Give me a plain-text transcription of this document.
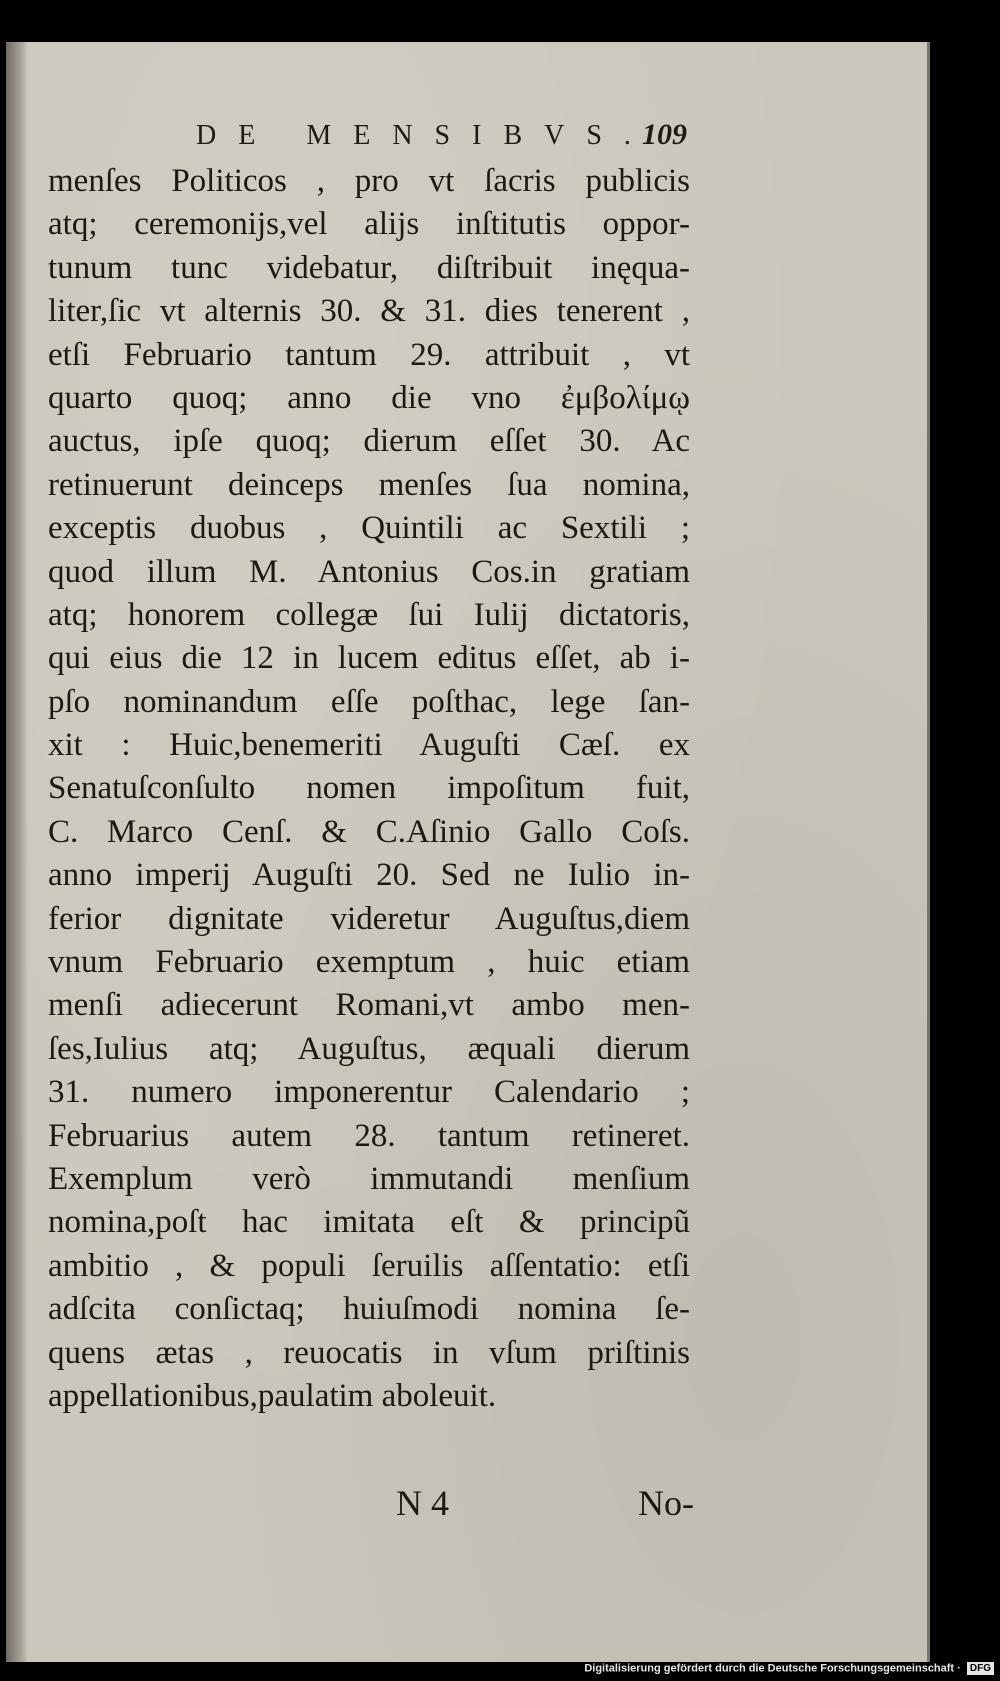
DE MENSIBVS.
109
menſes Politicos , pro vt ſacris publicis
atq; ceremonijs,vel alijs inſtitutis oppor-
tunum tunc videbatur, diſtribuit inęqua-
liter,ſic vt alternis 30. & 31. dies tenerent ,
etſi Februario tantum 29. attribuit , vt
quarto quoq; anno die vno ἐμβολίμῳ
auctus, ipſe quoq; dierum eſſet 30. Ac
retinuerunt deinceps menſes ſua nomina,
exceptis duobus , Quintili ac Sextili ;
quod illum M. Antonius Cos.in gratiam
atq; honorem collegæ ſui Iulij dictatoris,
qui eius die 12 in lucem editus eſſet, ab i-
pſo nominandum eſſe poſthac, lege ſan-
xit : Huic,benemeriti Auguſti Cæſ. ex
Senatuſconſulto nomen impoſitum fuit,
C. Marco Cenſ. & C.Aſinio Gallo Coſs.
anno imperij Auguſti 20. Sed ne Iulio in-
ferior dignitate videretur Auguſtus,diem
vnum Februario exemptum , huic etiam
menſi adiecerunt Romani,vt ambo men-
ſes,Iulius atq; Auguſtus, æquali dierum
31. numero imponerentur Calendario ;
Februarius autem 28. tantum retineret.
Exemplum verò immutandi menſium
nomina,poſt hac imitata eſt & principũ
ambitio , & populi ſeruilis aſſentatio: etſi
adſcita conſictaq; huiuſmodi nomina ſe-
quens ætas , reuocatis in vſum priſtinis
appellationibus,paulatim aboleuit.
N 4	No-
Digitalisierung gefördert durch die Deutsche Forschungsgemeinschaft · DFG
